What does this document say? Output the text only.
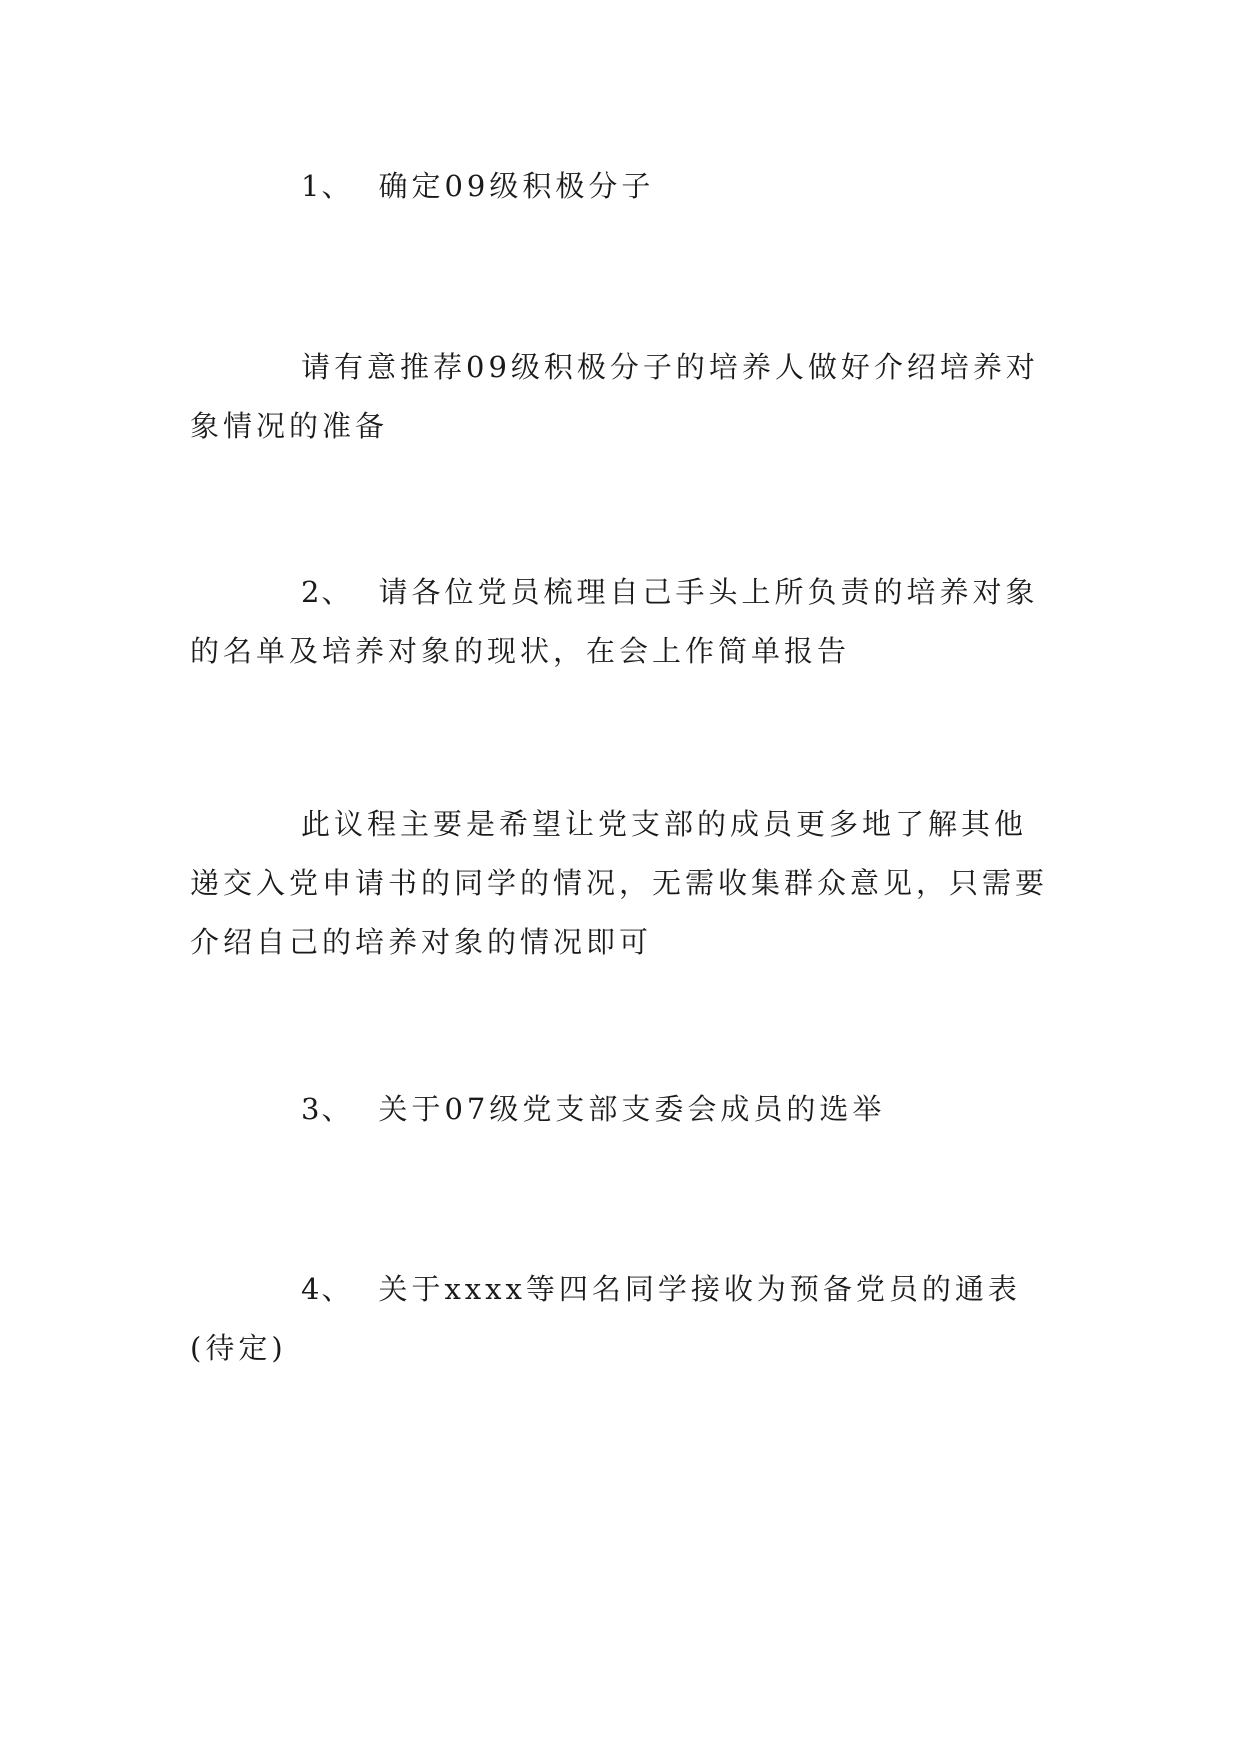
1、 确定09级积极分子

请有意推荐09级积极分子的培养人做好介绍培养对象情况的准备

2、 请各位党员梳理自己手头上所负责的培养对象的名单及培养对象的现状，在会上作简单报告

此议程主要是希望让党支部的成员更多地了解其他递交入党申请书的同学的情况，无需收集群众意见，只需要介绍自己的培养对象的情况即可

3、 关于07级党支部支委会成员的选举

4、 关于xxxx等四名同学接收为预备党员的通表(待定)
